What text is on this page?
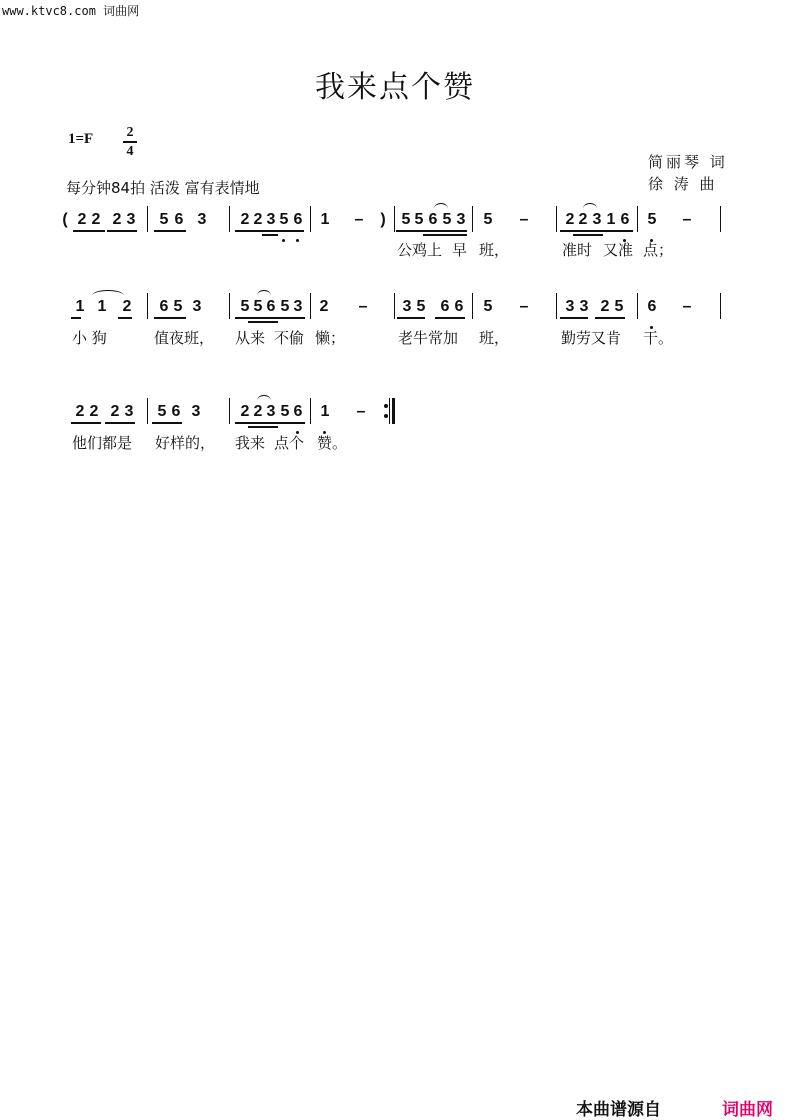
www.ktvc8.com 词曲网
我来点个赞
1=F 2
4
每分钟84拍 活泼 富有表情地
简丽琴 词
徐 涛 曲
2 2 2 3 5 6 3 2 2 3 5 6 1	5 5 6 5 3 5	2 2 3 1 6 5
1 1 2 6 5 3 5 5 6 5 3 2	3 5 6 6 5	3 3 2 5 6
2 2 2 3 5 6 3	2 2 3 5 6 1
–	–	–
–	–	–
–
(	)
公鸡上 早 班，	准时 又准 点；
小 狗	值夜班， 从来 不偷 懒；	老牛常加 班，	勤劳又肯 干。
他们都是 好样的， 我来 点个 赞。
本曲谱源自	词曲网
